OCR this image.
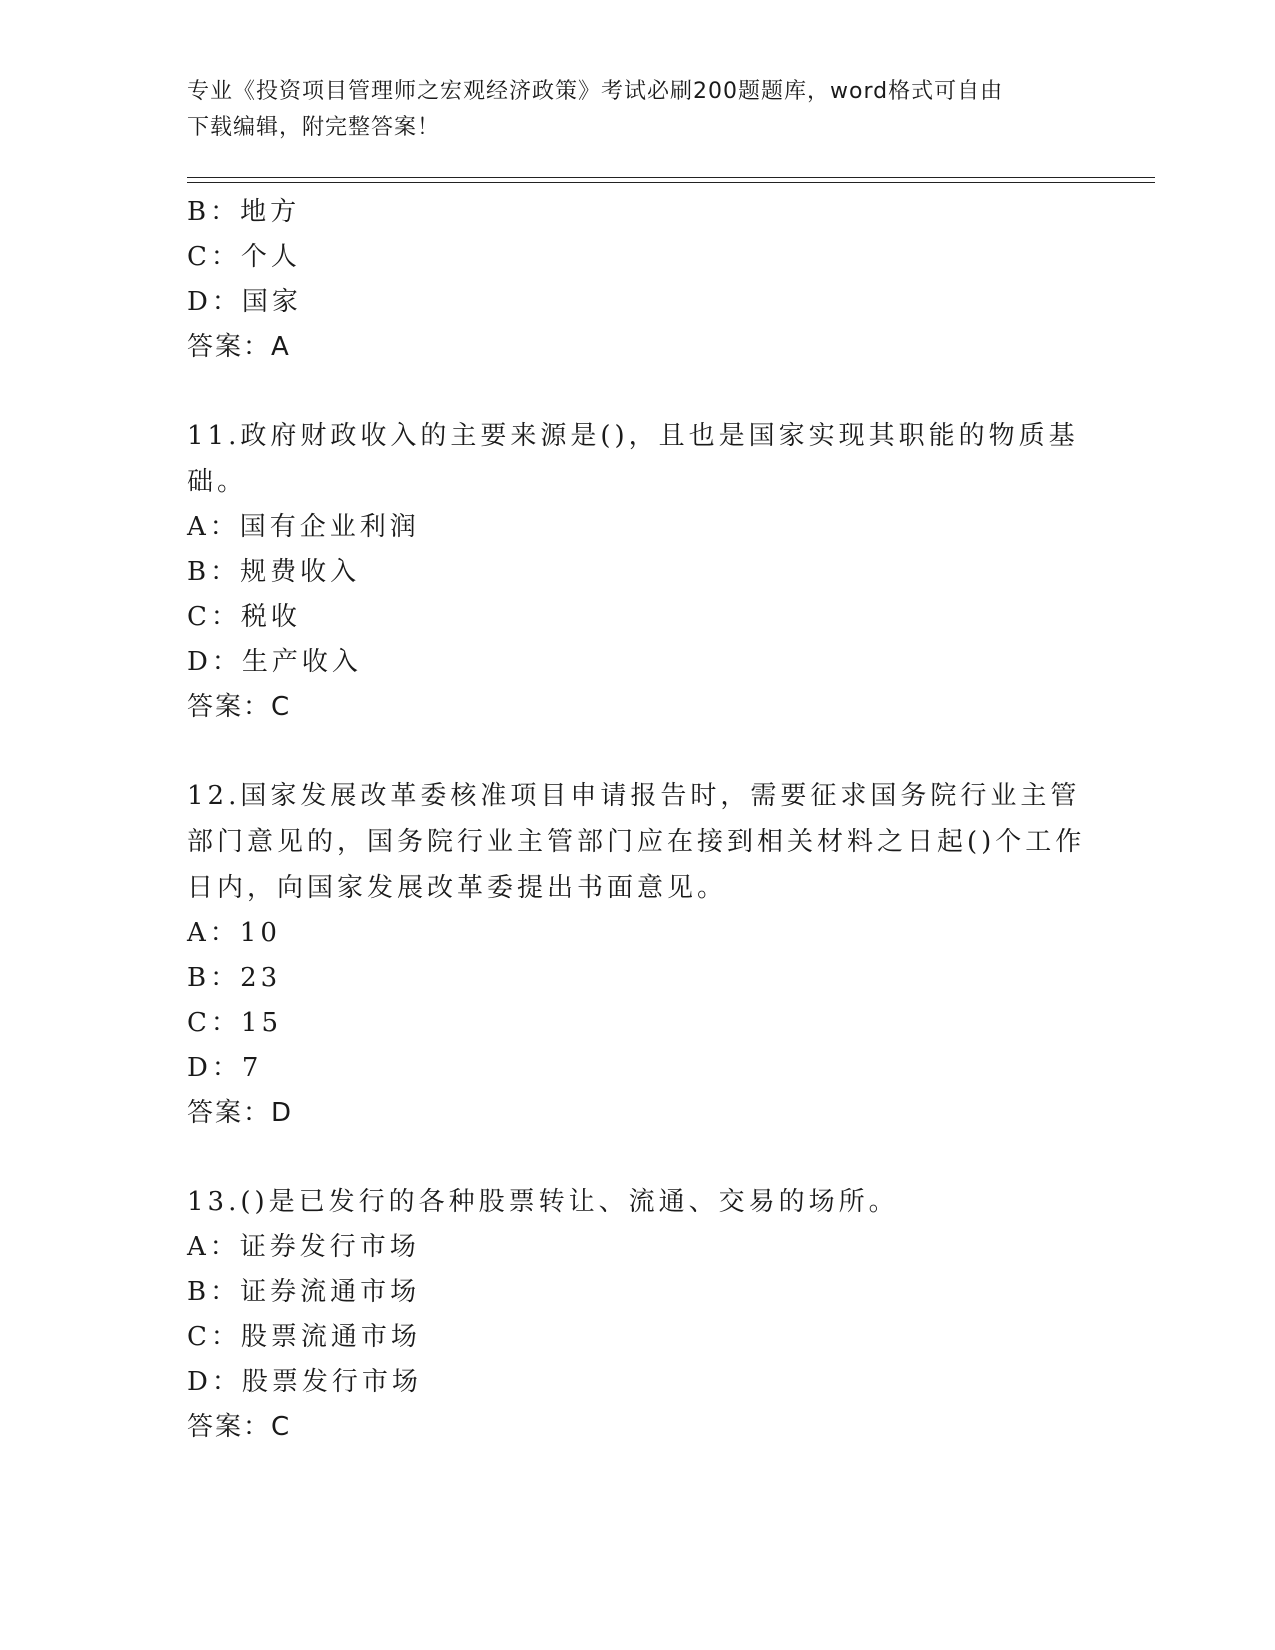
专业《投资项目管理师之宏观经济政策》考试必刷200题题库，word格式可自由
下载编辑，附完整答案！
B：地方
C：个人
D：国家
答案：A
11.政府财政收入的主要来源是()，且也是国家实现其职能的物质基础。
A：国有企业利润
B：规费收入
C：税收
D：生产收入
答案：C
12.国家发展改革委核准项目申请报告时，需要征求国务院行业主管部门意见的，国务院行业主管部门应在接到相关材料之日起()个工作日内，向国家发展改革委提出书面意见。
A：10
B：23
C：15
D：7
答案：D
13.()是已发行的各种股票转让、流通、交易的场所。
A：证券发行市场
B：证券流通市场
C：股票流通市场
D：股票发行市场
答案：C
